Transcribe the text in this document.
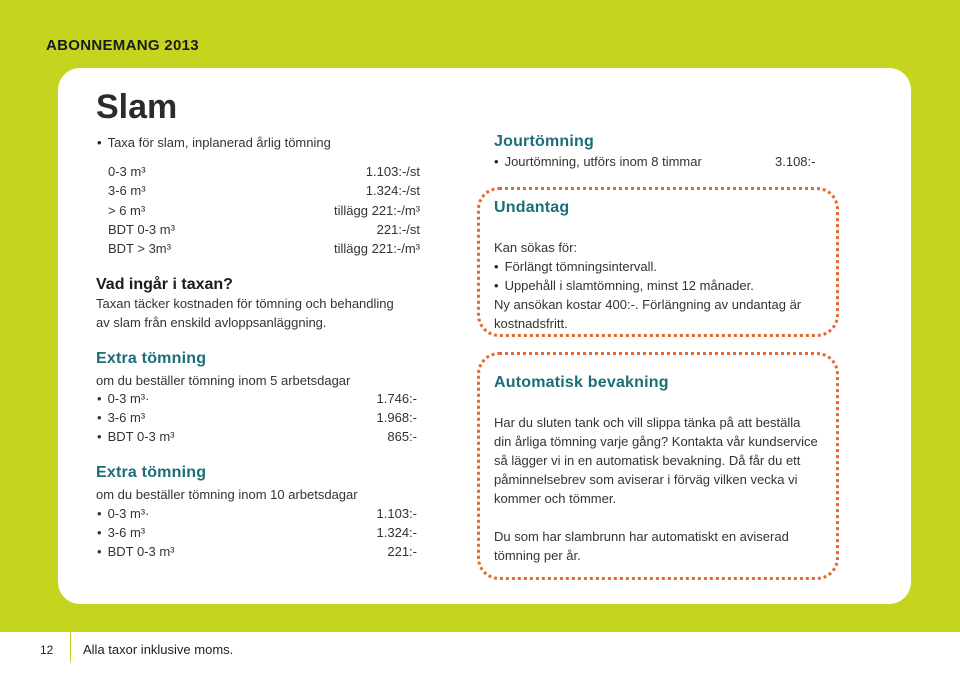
ABONNEMANG 2013
12 Alla taxor inklusive moms.
Slam
• Taxa för slam, inplanerad årlig tömning
0-3 m³	1.103:-/st
3-6 m³	1.324:-/st
> 6 m³	tillägg 221:-/m³
BDT 0-3 m³	221:-/st
BDT > 3m³	tillägg 221:-/m³
Vad ingår i taxan?
Taxan täcker kostnaden för tömning och behandling
av slam från enskild avloppsanläggning.
Extra tömning
om du beställer tömning inom 5 arbetsdagar
• 0-3 m³·	1.746:-
• 3-6 m³	1.968:-
• BDT 0-3 m³	865:-
Extra tömning
om du beställer tömning inom 10 arbetsdagar
• 0-3 m³·	1.103:-
• 3-6 m³	1.324:-
• BDT 0-3 m³	221:-
Jourtömning
• Jourtömning, utförs inom 8 timmar	3.108:-
Undantag
Kan sökas för:
• Förlängt tömningsintervall.
• Uppehåll i slamtömning, minst 12 månader.
Ny ansökan kostar 400:-. Förlängning av undantag är
kostnadsfritt.
Automatisk bevakning
Har du sluten tank och vill slippa tänka på att beställa
din årliga tömning varje gång? Kontakta vår kundservice
så lägger vi in en automatisk bevakning. Då får du ett
påminnelsebrev som aviserar i förväg vilken vecka vi
kommer och tömmer.
Du som har slambrunn har automatiskt en aviserad
tömning per år.
